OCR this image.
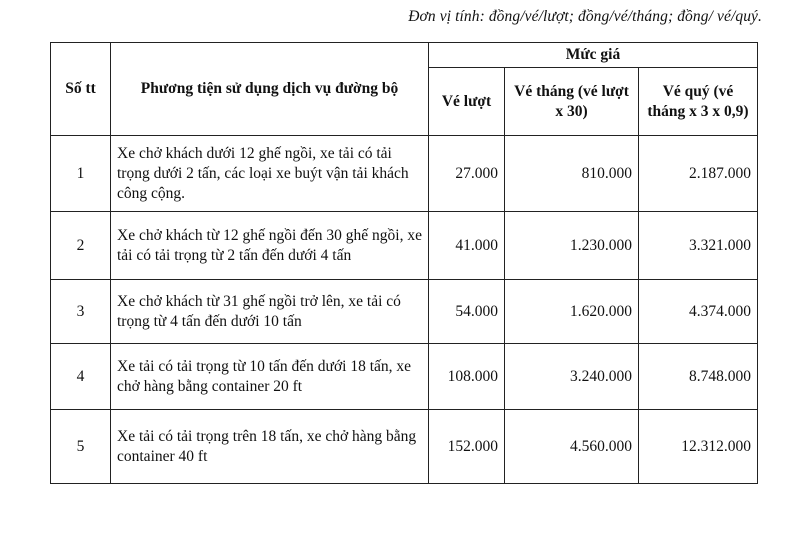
Đơn vị tính: đồng/vé/lượt; đồng/vé/tháng; đồng/ vé/quý.
Số tt	Phương tiện sử dụng dịch vụ đường bộ	Mức giá		
		Vé lượt	Vé tháng (vé lượt x 30)	Vé quý (vé tháng x 3 x 0,9)
1	Xe chở khách dưới 12 ghế ngồi, xe tải có tải trọng dưới 2 tấn, các loại xe buýt vận tải khách công cộng.	27.000	810.000	2.187.000
2	Xe chở khách từ 12 ghế ngồi đến 30 ghế ngồi, xe tải có tải trọng từ 2 tấn đến dưới 4 tấn	41.000	1.230.000	3.321.000
3	Xe chở khách từ 31 ghế ngồi trở lên, xe tải có trọng từ 4 tấn đến dưới 10 tấn	54.000	1.620.000	4.374.000
4	Xe tải có tải trọng từ 10 tấn đến dưới 18 tấn, xe chở hàng bằng container 20 ft	108.000	3.240.000	8.748.000
5	Xe tải có tải trọng trên 18 tấn, xe chở hàng bằng container 40 ft	152.000	4.560.000	12.312.000
